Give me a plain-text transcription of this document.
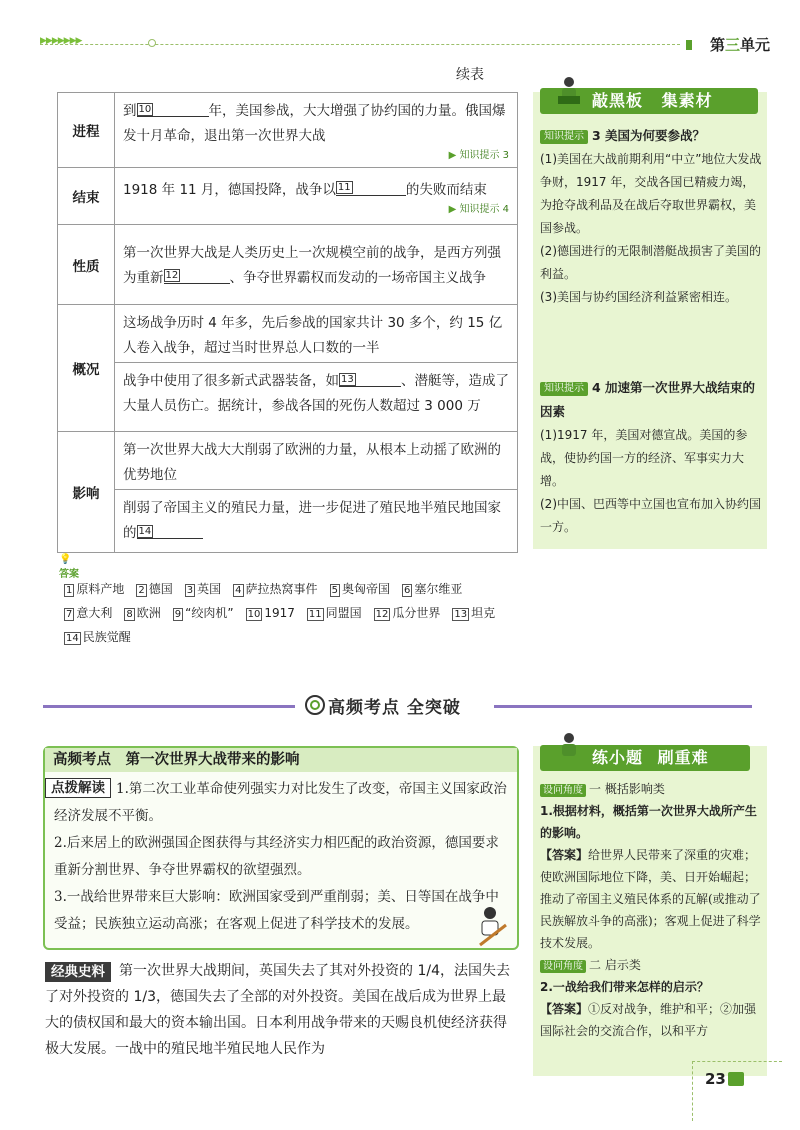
▶▶▶▶▶▶▶	第三单元
续表
进程	到 10 年，美国参战，大大增强了协约国的力量。俄国爆发十月革命，退出第一次世界大战
▶ 知识提示 3

结束	1918 年 11 月，德国投降，战争以 11 的失败而结束
▶ 知识提示 4

性质	第一次世界大战是人类历史上一次规模空前的战争，是西方列强为重新 12 、争夺世界霸权而发动的一场帝国主义战争
概况	这场战争历时 4 年多，先后参战的国家共计 30 多个，约 15 亿人卷入战争，超过当时世界总人口数的一半
战争中使用了很多新式武器装备，如 13 、潜艇等，造成了大量人员伤亡。据统计，参战各国的死伤人数超过 3 000 万

影响	第一次世界大战大大削弱了欧洲的力量，从根本上动摇了欧洲的优势地位
削弱了帝国主义的殖民力量，进一步促进了殖民地半殖民地国家的 14
💡答案
1 原料产地 2 德国 3 英国 4 萨拉热窝事件 5 奥匈帝国 6 塞尔维亚
7 意大利 8 欧洲 9 “绞肉机” 10 1917 11 同盟国 12 瓜分世界 13 坦克
14 民族觉醒
敲黑板 集素材
知识提示 3 美国为何要参战？
(1)美国在大战前期利用“中立”地位大发战争财，1917 年，交战各国已精疲力竭，为抢夺战利品及在战后夺取世界霸权，美国参战。
(2)德国进行的无限制潜艇战损害了美国的利益。
(3)美国与协约国经济利益紧密相连。
知识提示 4 加速第一次世界大战结束的因素
(1)1917 年，美国对德宣战。美国的参战，使协约国一方的经济、军事实力大增。
(2)中国、巴西等中立国也宣布加入协约国一方。
高频考点 全突破
高频考点　第一次世界大战带来的影响
点拨解读 1.第二次工业革命使列强实力对比发生了改变，帝国主义国家政治经济发展不平衡。

2.后来居上的欧洲强国企图获得与其经济实力相匹配的政治资源，德国要求重新分割世界、争夺世界霸权的欲望强烈。

3.一战给世界带来巨大影响：欧洲国家受到严重削弱；美、日等国在战争中受益；民族独立运动高涨；在客观上促进了科学技术的发展。

经典史料	第一次世界大战期间，英国失去了其对外投资的 1/4，法国失去了对外投资的 1/3，德国失去了全部的对外投资。美国在战后成为世界上最大的债权国和最大的资本输出国。日本利用战争带来的天赐良机使经济获得极大发展。一战中的殖民地半殖民地人民作为

练小题 刷重难
设问角度 一 概括影响类
1.根据材料，概括第一次世界大战所产生的影响。
【答案】给世界人民带来了深重的灾难；使欧洲国际地位下降，美、日开始崛起；推动了帝国主义殖民体系的瓦解(或推动了民族解放斗争的高涨)；客观上促进了科学技术发展。
设问角度 二 启示类
2.一战给我们带来怎样的启示？
【答案】①反对战争，维护和平；②加强国际社会的交流合作，以和平方
23
